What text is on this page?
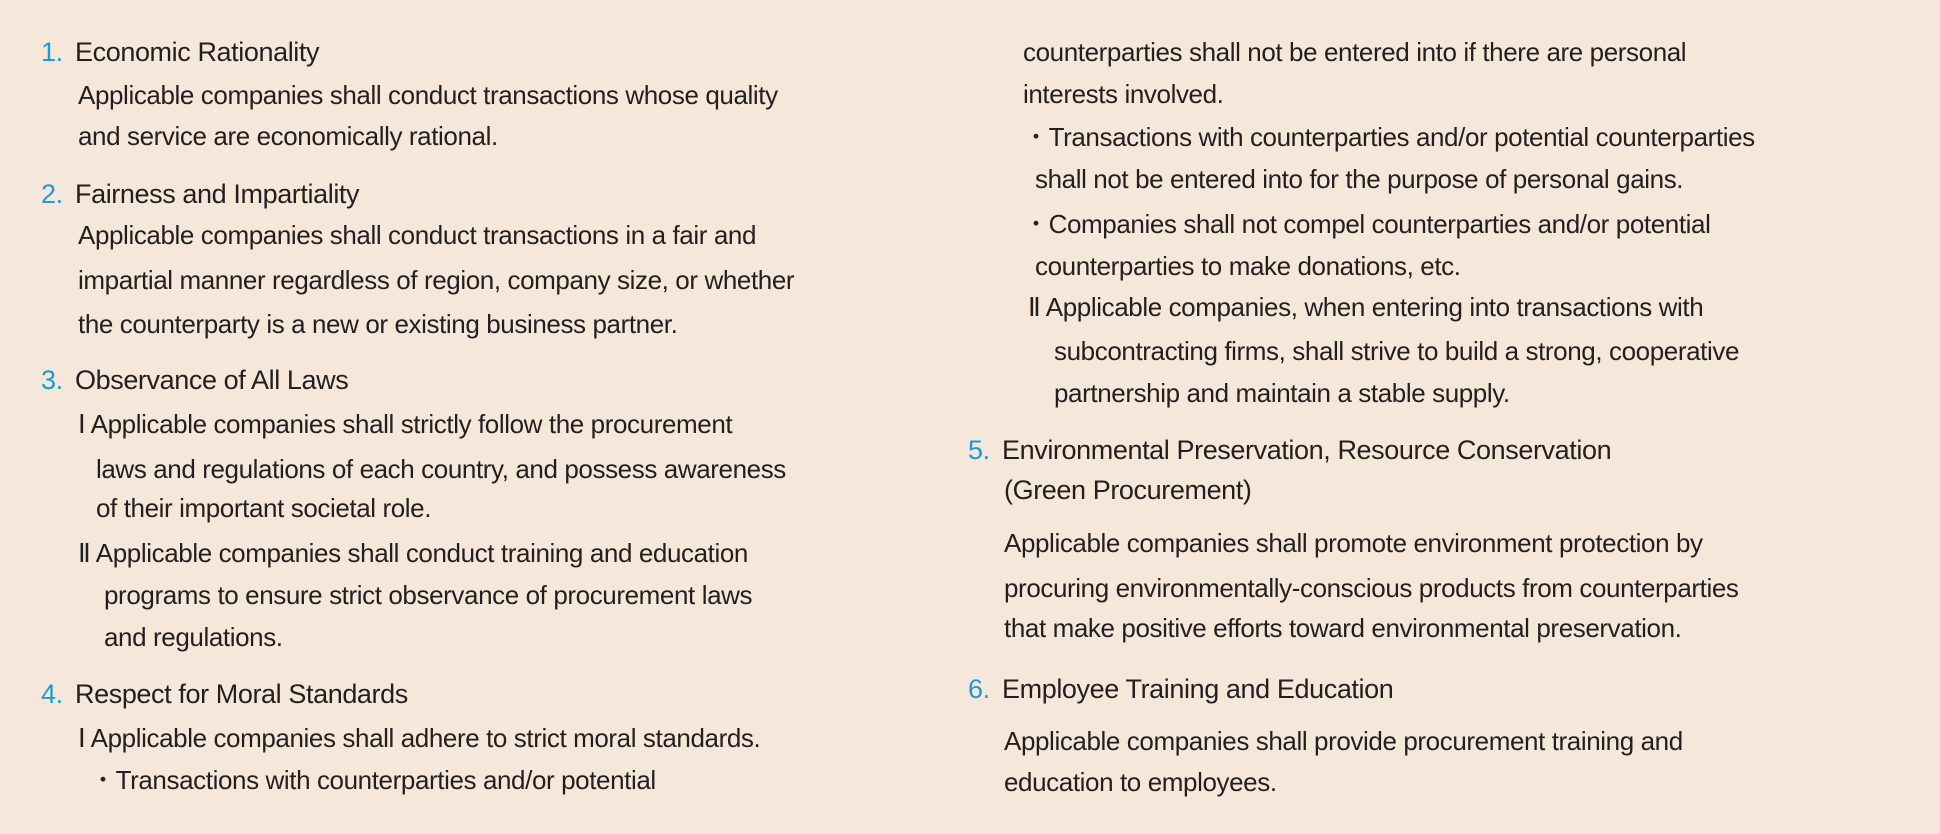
1. Economic Rationality
Applicable companies shall conduct transactions whose quality
and service are economically rational.
2. Fairness and Impartiality
Applicable companies shall conduct transactions in a fair and
impartial manner regardless of region, company size, or whether
the counterparty is a new or existing business partner.
3. Observance of All Laws
Ⅰ Applicable companies shall strictly follow the procurement
laws and regulations of each country, and possess awareness
of their important societal role.
Ⅱ Applicable companies shall conduct training and education
programs to ensure strict observance of procurement laws
and regulations.
4. Respect for Moral Standards
Ⅰ Applicable companies shall adhere to strict moral standards.
・Transactions with counterparties and/or potential
counterparties shall not be entered into if there are personal
interests involved.
・Transactions with counterparties and/or potential counterparties
shall not be entered into for the purpose of personal gains.
・Companies shall not compel counterparties and/or potential
counterparties to make donations, etc.
Ⅱ Applicable companies, when entering into transactions with
subcontracting firms, shall strive to build a strong, cooperative
partnership and maintain a stable supply.
5. Environmental Preservation, Resource Conservation
(Green Procurement)
Applicable companies shall promote environment protection by
procuring environmentally-conscious products from counterparties
that make positive efforts toward environmental preservation.
6. Employee Training and Education
Applicable companies shall provide procurement training and
education to employees.
